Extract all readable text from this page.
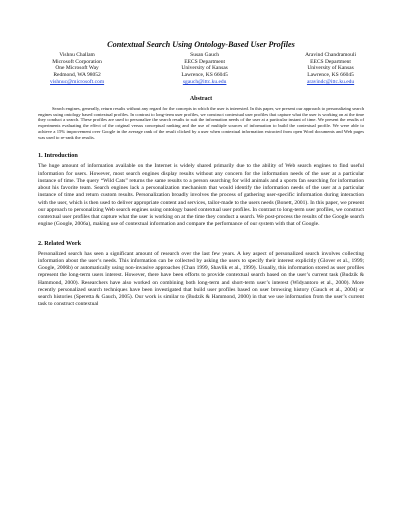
Contextual Search Using Ontology-Based User Profiles
Vishnu Challam
Microsoft Corporation
One Microsoft Way
Redmond, WA 98052
vishnuc@microsoft.com
Susan Gauch
EECS Department
University of Kansas
Lawrence, KS 66045
sgauch@ittc.ku.edu
Aravind Chandramouli
EECS Department
University of Kansas
Lawrence, KS 66045
aravindc@ittc.ku.edu
Abstract

Search engines, generally, return results without any regard for the concepts in which the user is interested. In this paper, we present our approach to personalizing search engines using ontology based contextual profiles. In contrast to long-term user profiles, we construct contextual user profiles that capture what the user is working on at the time they conduct a search. These profiles are used to personalize the search results to suit the information needs of the user at a particular instant of time. We present the results of experiments evaluating the effect of the original versus conceptual ranking and the use of multiple sources of information to build the contextual profile. We were able to achieve a 15% improvement over Google in the average rank of the result clicked by a user when contextual information extracted from open Word documents and Web pages was used to re-rank the results.

1. Introduction

The huge amount of information available on the Internet is widely shared primarily due to the ability of Web search engines to find useful information for users. However, most search engines display results without any concern for the information needs of the user at a particular instance of time. The query “Wild Cats” returns the same results to a person searching for wild animals and a sports fan searching for information about his favorite team. Search engines lack a personalization mechanism that would identify the information needs of the user at a particular instance of time and return custom results. Personalization broadly involves the process of gathering user-specific information during interaction with the user, which is then used to deliver appropriate content and services, tailor-made to the users needs (Bonett, 2001). In this paper, we present our approach to personalizing Web search engines using ontology based contextual user profiles. In contrast to long-term user profiles, we construct contextual user profiles that capture what the user is working on at the time they conduct a search. We post-process the results of the Google search engine (Google, 2006a), making use of contextual information and compare the performance of our system with that of Google.

2. Related Work

Personalized search has seen a significant amount of research over the last few years. A key aspect of personalized search involves collecting information about the user’s needs. This information can be collected by asking the users to specify their interest explicitly (Glover et al., 1999; Google, 2006b) or automatically using non-invasive approaches (Chan 1999, Shavlik et al., 1999). Usually, this information stored as user profiles represent the long-term users interest. However, there have been efforts to provide contextual search based on the user’s current task (Budzik & Hammond, 2000). Researchers have also worked on combining both long-term and short-term user’s interest (Widyantoro et al., 2000). More recently personalized search techniques have been investigated that build user profiles based on user browsing history (Gauch et al., 2004) or search histories (Speretta & Gauch, 2005). Our work is similar to (Budzik & Hammond, 2000) in that we use information from the user’s current task to construct contextual
